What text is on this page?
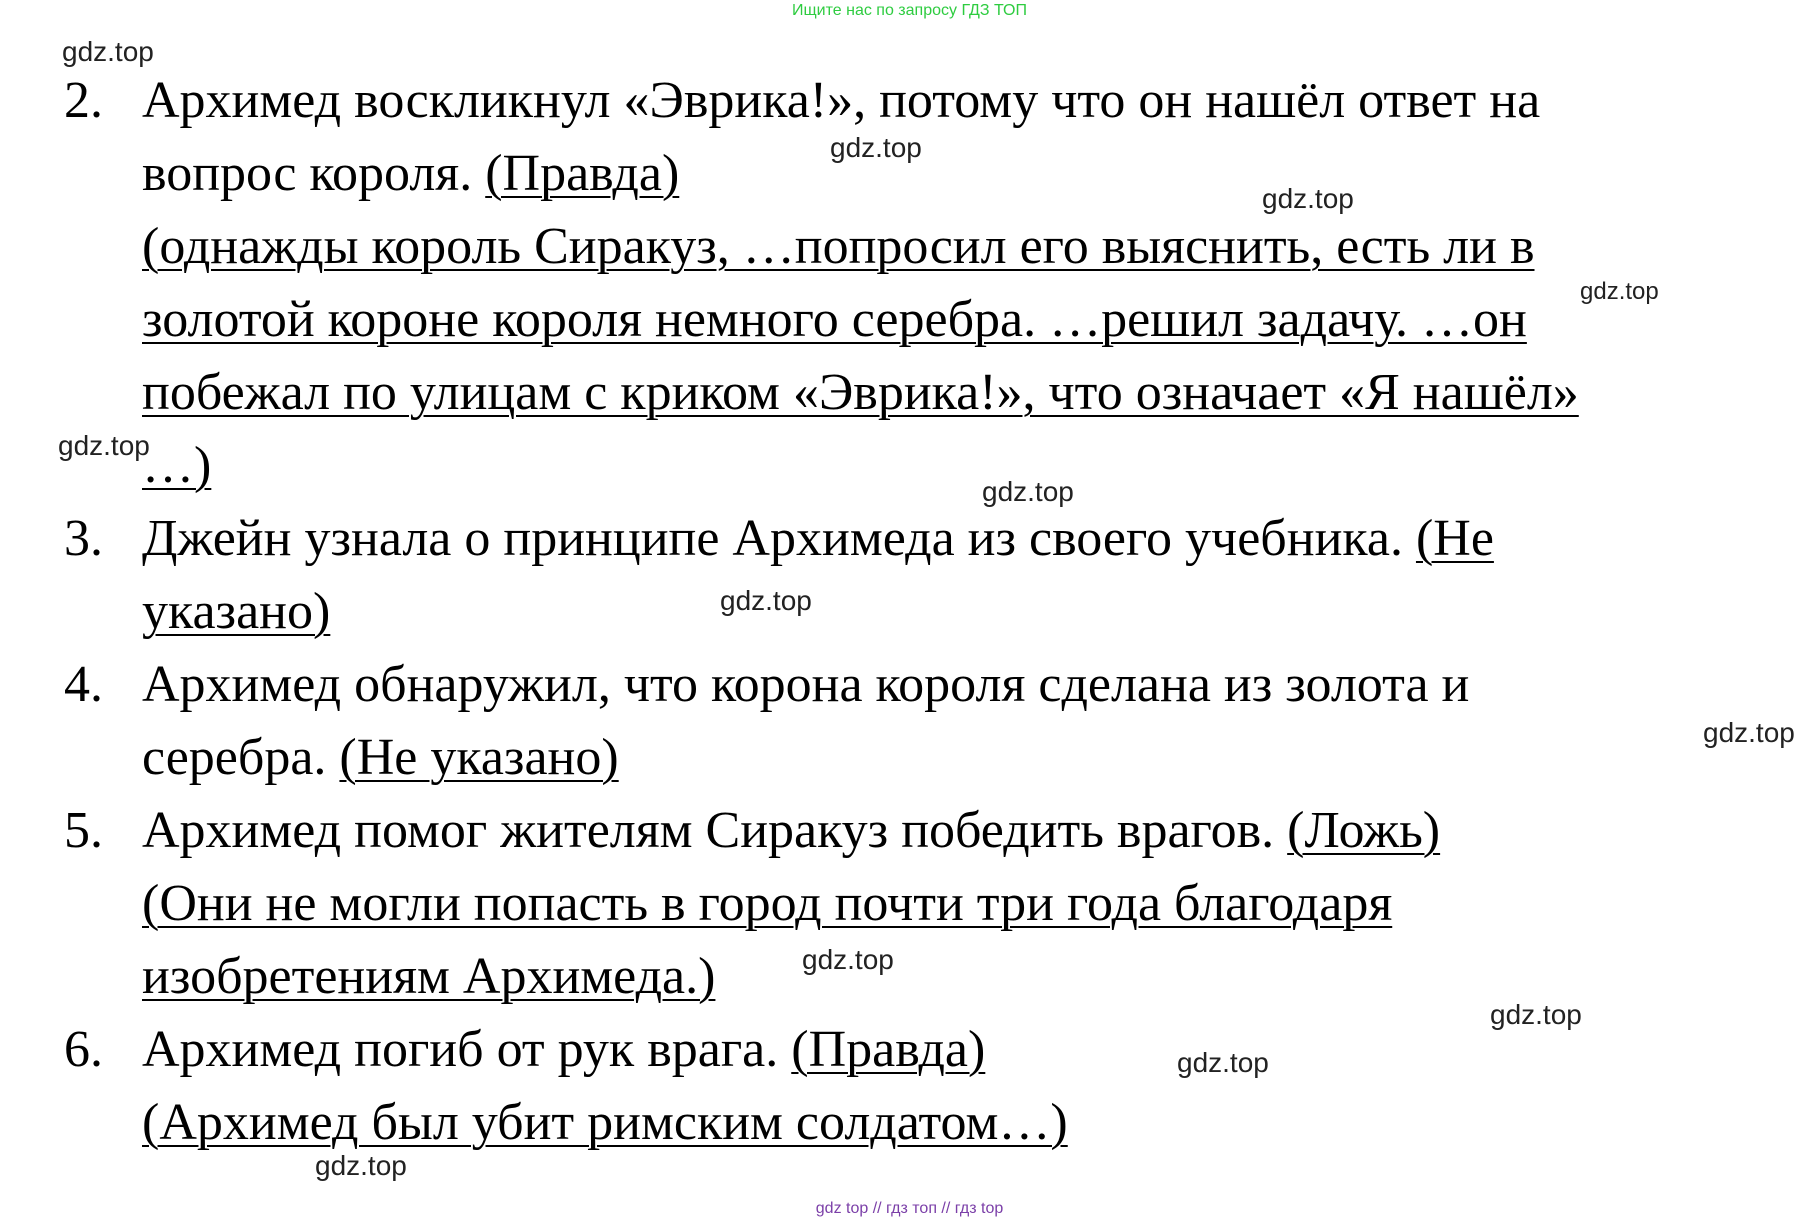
Ищите нас по запросу ГДЗ ТОП
2. Архимед воскликнул «Эврика!», потому что он нашёл ответ на
вопрос короля. (Правда)
(однажды король Сиракуз, …попросил его выяснить, есть ли в
золотой короне короля немного серебра. …решил задачу. …он
побежал по улицам с криком «Эврика!», что означает «Я нашёл»
…)
3. Джейн узнала о принципе Архимеда из своего учебника. (Не
указано)
4. Архимед обнаружил, что корона короля сделана из золота и
серебра. (Не указано)
5. Архимед помог жителям Сиракуз победить врагов. (Ложь)
(Они не могли попасть в город почти три года благодаря
изобретениям Архимеда.)
6. Архимед погиб от рук врага. (Правда)
(Архимед был убит римским солдатом…)
gdz.top
gdz.top
gdz.top
gdz.top
gdz.top
gdz.top
gdz.top
gdz.top
gdz.top
gdz.top
gdz.top
gdz.top
gdz top // гдз топ // гдз top
